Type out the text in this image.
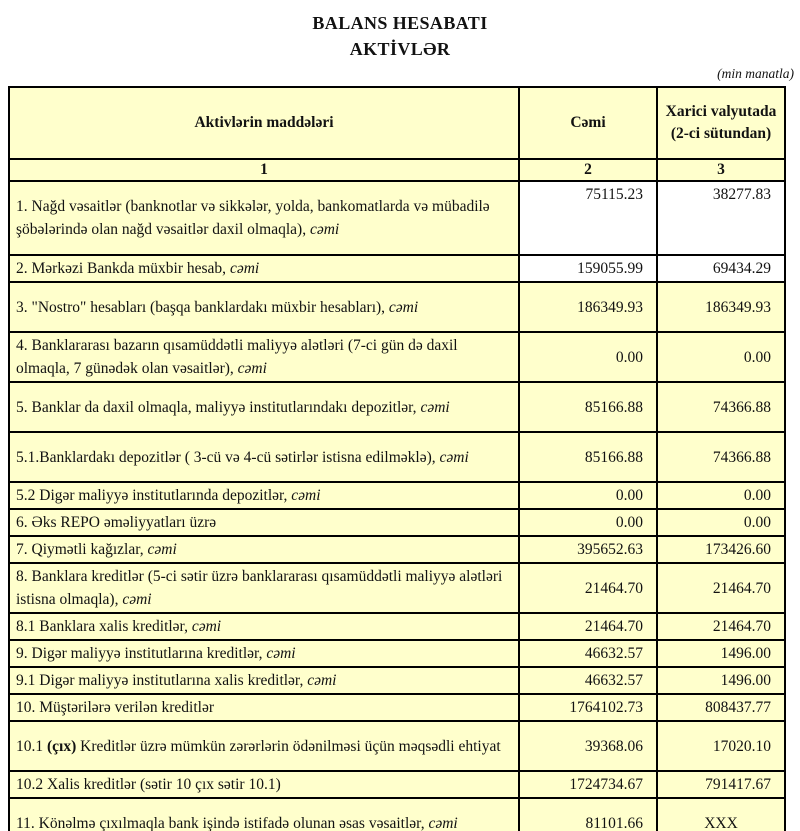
BALANS HESABATI
AKTİVLƏR
(min manatla)
Aktivlərin maddələri	Cəmi	Xarici valyutada (2-ci sütundan)
1	2	3
1. Nağd vəsaitlər (banknotlar və sikkələr, yolda, bankomatlarda və mübadilə şöbələrində olan nağd vəsaitlər daxil olmaqla), cəmi	75115.23	38277.83
2. Mərkəzi Bankda müxbir hesab, cəmi	159055.99	69434.29
3. "Nostro" hesabları (başqa banklardakı müxbir hesabları), cəmi	186349.93	186349.93
4. Banklararası bazarın qısamüddətli maliyyə alətləri (7-ci gün də daxil olmaqla, 7 günədək olan vəsaitlər), cəmi	0.00	0.00
5. Banklar da daxil olmaqla, maliyyə institutlarındakı depozitlər, cəmi	85166.88	74366.88
5.1.Banklardakı depozitlər ( 3-cü və 4-cü sətirlər istisna edilməklə), cəmi	85166.88	74366.88
5.2 Digər maliyyə institutlarında depozitlər, cəmi	0.00	0.00
6. Əks REPO əməliyyatları üzrə	0.00	0.00
7. Qiymətli kağızlar, cəmi	395652.63	173426.60
8. Banklara kreditlər (5-ci sətir üzrə banklararası qısamüddətli maliyyə alətləri istisna olmaqla), cəmi	21464.70	21464.70
8.1 Banklara xalis kreditlər, cəmi	21464.70	21464.70
9. Digər maliyyə institutlarına kreditlər, cəmi	46632.57	1496.00
9.1 Digər maliyyə institutlarına xalis kreditlər, cəmi	46632.57	1496.00
10. Müştərilərə verilən kreditlər	1764102.73	808437.77
10.1 (çıx) Kreditlər üzrə mümkün zərərlərin ödənilməsi üçün məqsədli ehtiyat	39368.06	17020.10
10.2 Xalis kreditlər (sətir 10 çıx sətir 10.1)	1724734.67	791417.67
11. Könəlmə çıxılmaqla bank işində istifadə olunan əsas vəsaitlər, cəmi	81101.66	XXX
